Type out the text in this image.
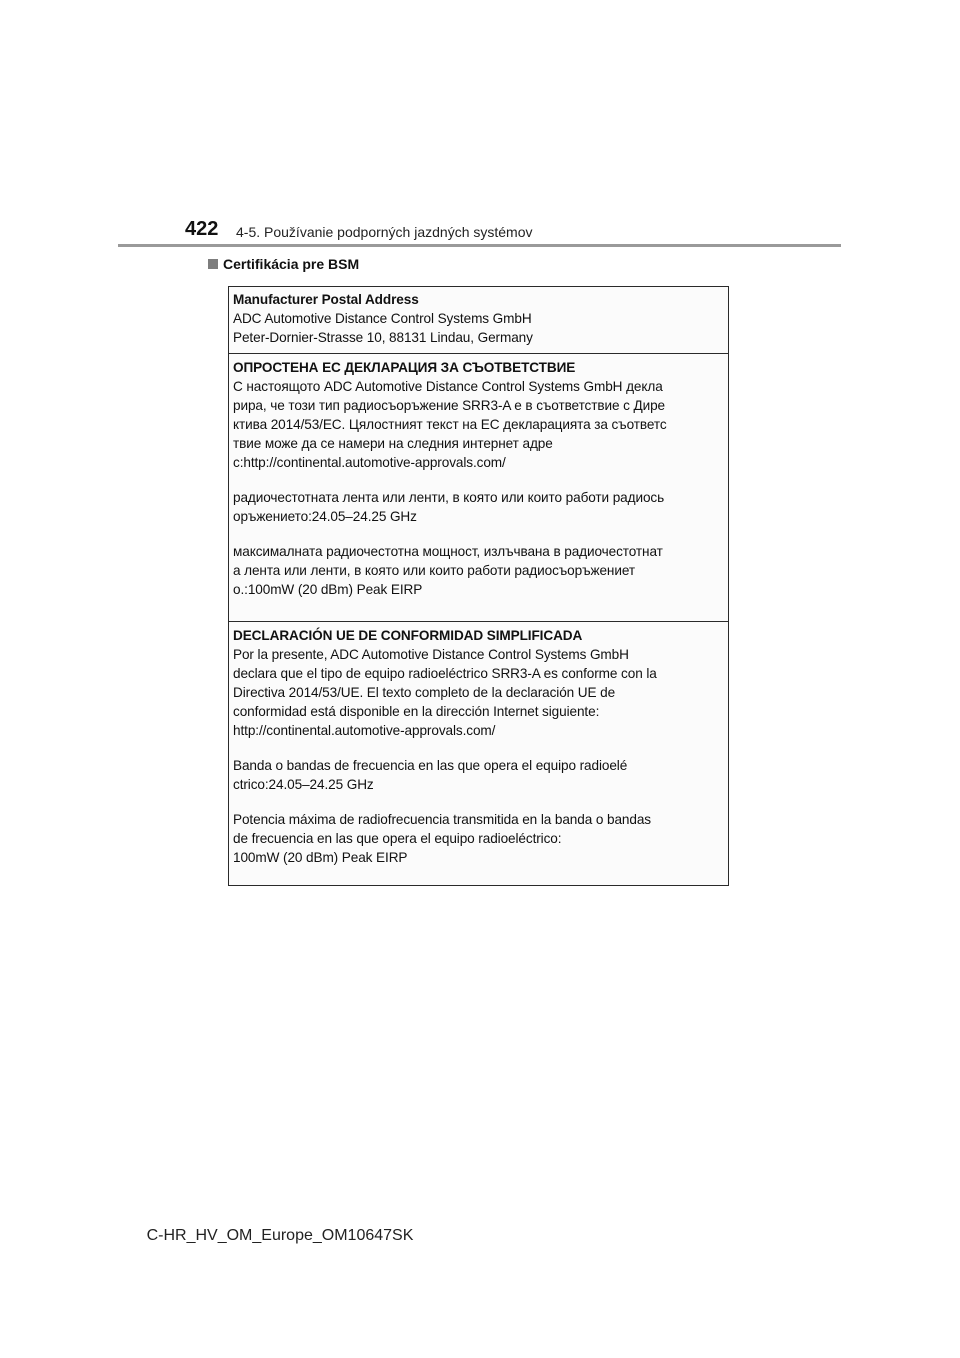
422 4-5. Používanie podporných jazdných systémov
Certifikácia pre BSM
Manufacturer Postal Address
ADC Automotive Distance Control Systems GmbH
Peter-Dornier-Strasse 10, 88131 Lindau, Germany
ОПРОСТЕНА ЕС ДЕКЛАРАЦИЯ ЗА СЪОТВЕТСТВИЕ
С настоящото ADC Automotive Distance Control Systems GmbH декла
рира, че този тип радиосъоръжение SRR3-A е в съответствие с Дире
ктива 2014/53/ЕС. Цялостният текст на ЕС декларацията за съответс
твие може да се намери на следния интернет адре
с:http://continental.automotive-approvals.com/
радиочестотната лента или ленти, в която или които работи радиось
оръжението:24.05–24.25 GHz
максималната радиочестотна мощност, излъчвана в радиочестотнат
а лента или ленти, в която или които работи радиосъоръжениет
о.:100mW (20 dBm) Peak EIRP
DECLARACIÓN UE DE CONFORMIDAD SIMPLIFICADA
Por la presente, ADC Automotive Distance Control Systems GmbH
declara que el tipo de equipo radioeléctrico SRR3-A es conforme con la
Directiva 2014/53/UE. El texto completo de la declaración UE de
conformidad está disponible en la dirección Internet siguiente:
http://continental.automotive-approvals.com/
Banda o bandas de frecuencia en las que opera el equipo radioelé
ctrico:24.05–24.25 GHz
Potencia máxima de radiofrecuencia transmitida en la banda o bandas
de frecuencia en las que opera el equipo radioeléctrico:
100mW (20 dBm) Peak EIRP
C-HR_HV_OM_Europe_OM10647SK
